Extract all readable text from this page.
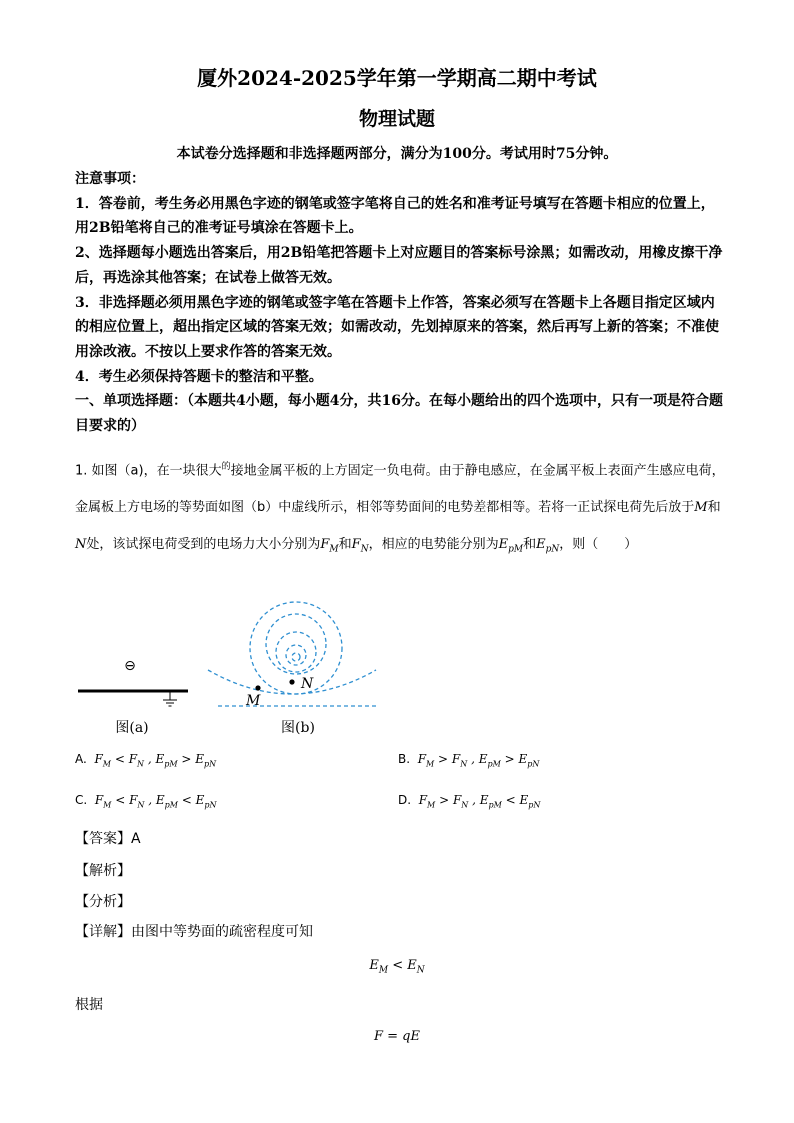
厦外2024-2025学年第一学期高二期中考试
物理试题
本试卷分选择题和非选择题两部分，满分为100分。考试用时75分钟。

注意事项：

1．答卷前，考生务必用黑色字迹的钢笔或签字笔将自己的姓名和准考证号填写在答题卡相应的位置上，用2B铅笔将自己的准考证号填涂在答题卡上。

2、选择题每小题选出答案后，用2B铅笔把答题卡上对应题目的答案标号涂黑；如需改动，用橡皮擦干净后，再选涂其他答案；在试卷上做答无效。

3．非选择题必须用黑色字迹的钢笔或签字笔在答题卡上作答，答案必须写在答题卡上各题目指定区域内的相应位置上，超出指定区域的答案无效；如需改动，先划掉原来的答案，然后再写上新的答案；不准使用涂改液。不按以上要求作答的答案无效。

4．考生必须保持答题卡的整洁和平整。

一、单项选择题：（本题共4小题，每小题4分，共16分。在每小题给出的四个选项中，只有一项是符合题目要求的）

1. 如图（a)，在一块很大$^的$接地金属平板的上方固定一负电荷。由于静电感应，在金属平板上表面产生感应电荷，金属板上方电场的等势面如图（b）中虚线所示，相邻等势面间的电势差都相等。若将一正试探电荷先后放于M和N处，该试探电荷受到的电场力大小分别为$F_M$和$F_N$，相应的电势能分别为$E_{pM}$和$E_{pN}$，则（　　）

⊖
图(a)
M
N
图(b)
A.  $F_M < F_N$ , $E_{pM} > E_{pN}$	B.  $F_M > F_N$ , $E_{pM} > E_{pN}$
C.  $F_M < F_N$ , $E_{pM} < E_{pN}$	D.  $F_M > F_N$ , $E_{pM} < E_{pN}$
【答案】A
【解析】
【分析】
【详解】由图中等势面的疏密程度可知
$E_M < E_N$
根据
F = qE
